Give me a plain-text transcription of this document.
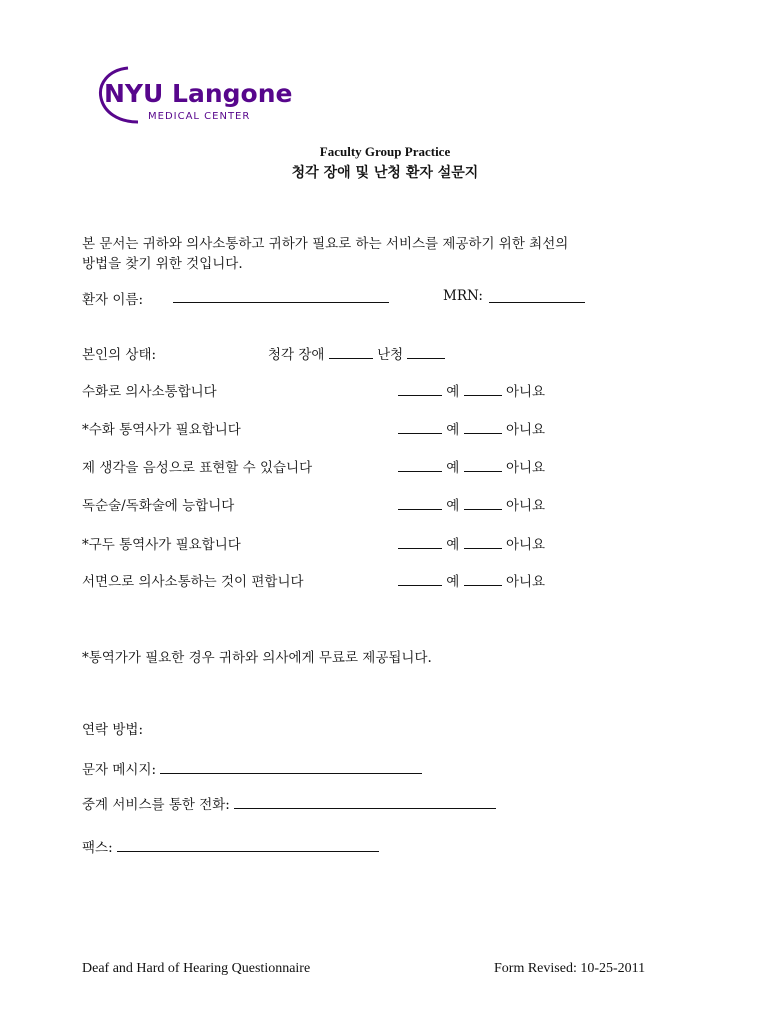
NYU Langone
MEDICAL CENTER
Faculty Group Practice
청각 장애 및 난청 환자 설문지
본 문서는 귀하와 의사소통하고 귀하가 필요로 하는 서비스를 제공하기 위한 최선의
방법을 찾기 위한 것입니다.
환자 이름:	MRN:
본인의 상태:	청각 장애	난청
수화로 의사소통합니다	예	아니요
*수화 통역사가 필요합니다	예	아니요
제 생각을 음성으로 표현할 수 있습니다	예	아니요
독순술/독화술에 능합니다	예	아니요
*구두 통역사가 필요합니다	예	아니요
서면으로 의사소통하는 것이 편합니다	예	아니요
*통역가가 필요한 경우 귀하와 의사에게 무료로 제공됩니다.
연락 방법:
문자 메시지:
중계 서비스를 통한 전화:
팩스:
Deaf and Hard of Hearing Questionnaire	Form Revised: 10-25-2011
